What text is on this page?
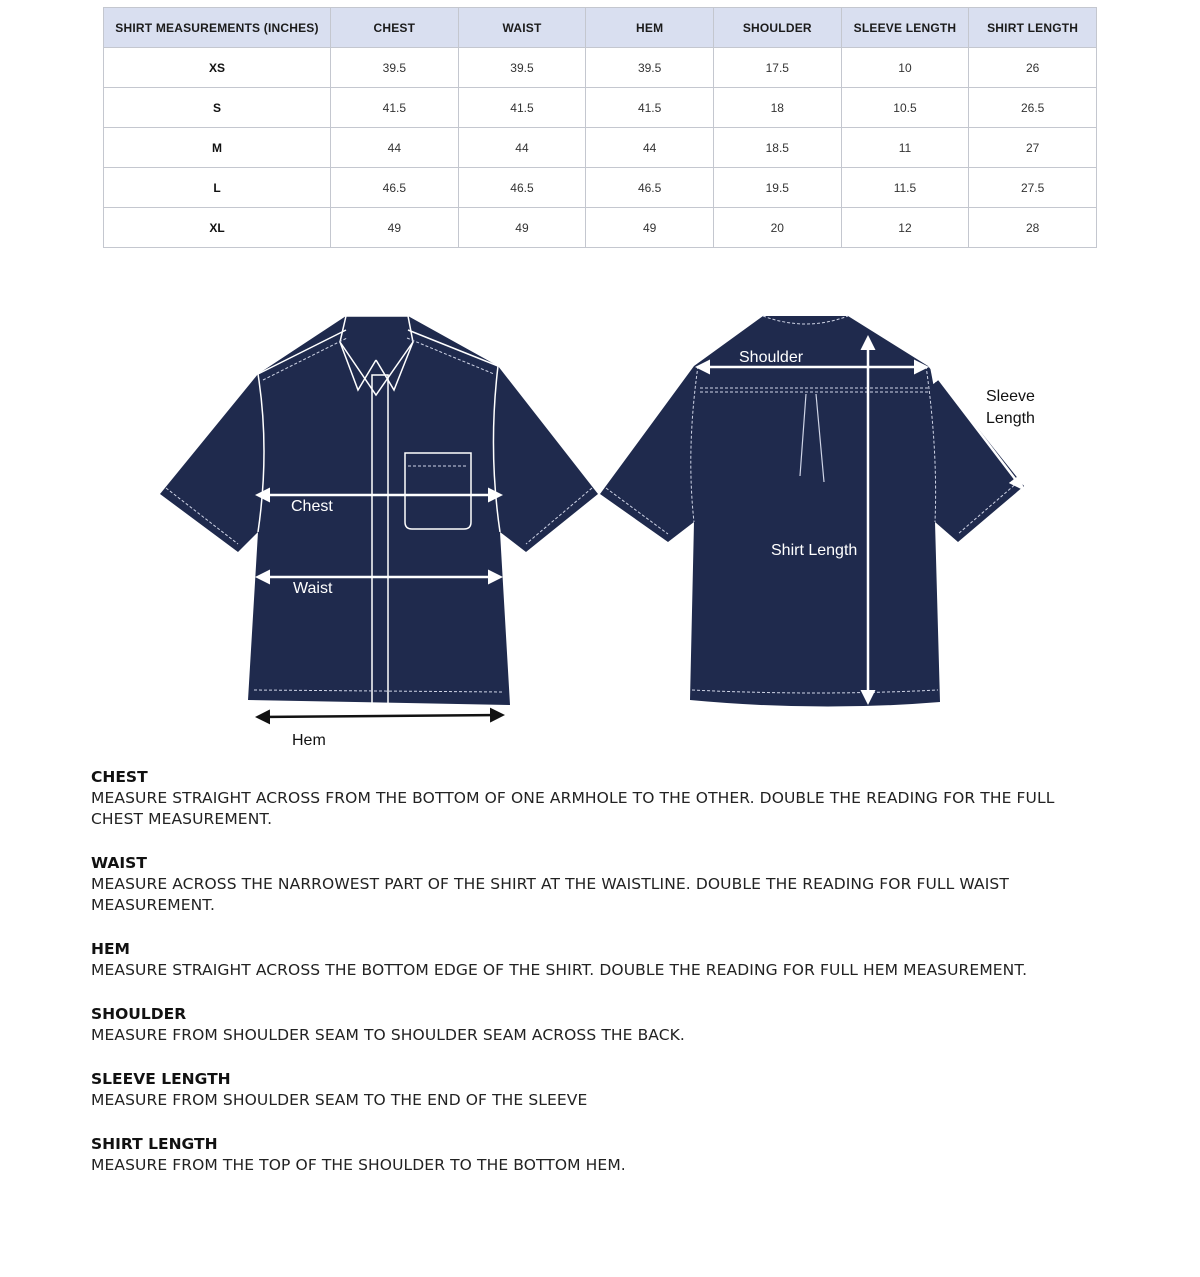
SHIRT MEASUREMENTS (INCHES)	CHEST	WAIST	HEM	SHOULDER	SLEEVE LENGTH	SHIRT LENGTH
XS	39.5	39.5	39.5	17.5	10	26
S	41.5	41.5	41.5	18	10.5	26.5
M	44	44	44	18.5	11	27
L	46.5	46.5	46.5	19.5	11.5	27.5
XL	49	49	49	20	12	28
Chest
Waist
Hem
Shoulder
Shirt Length
Sleeve
Length
CHEST
MEASURE STRAIGHT ACROSS FROM THE BOTTOM OF ONE ARMHOLE TO THE OTHER. DOUBLE THE READING FOR THE FULL CHEST MEASUREMENT.
WAIST
MEASURE ACROSS THE NARROWEST PART OF THE SHIRT AT THE WAISTLINE. DOUBLE THE READING FOR FULL WAIST MEASUREMENT.
HEM
MEASURE STRAIGHT ACROSS THE BOTTOM EDGE OF THE SHIRT. DOUBLE THE READING FOR FULL HEM MEASUREMENT.
SHOULDER
MEASURE FROM SHOULDER SEAM TO SHOULDER SEAM ACROSS THE BACK.
SLEEVE LENGTH
MEASURE FROM SHOULDER SEAM TO THE END OF THE SLEEVE
SHIRT LENGTH
MEASURE FROM THE TOP OF THE SHOULDER TO THE BOTTOM HEM.
